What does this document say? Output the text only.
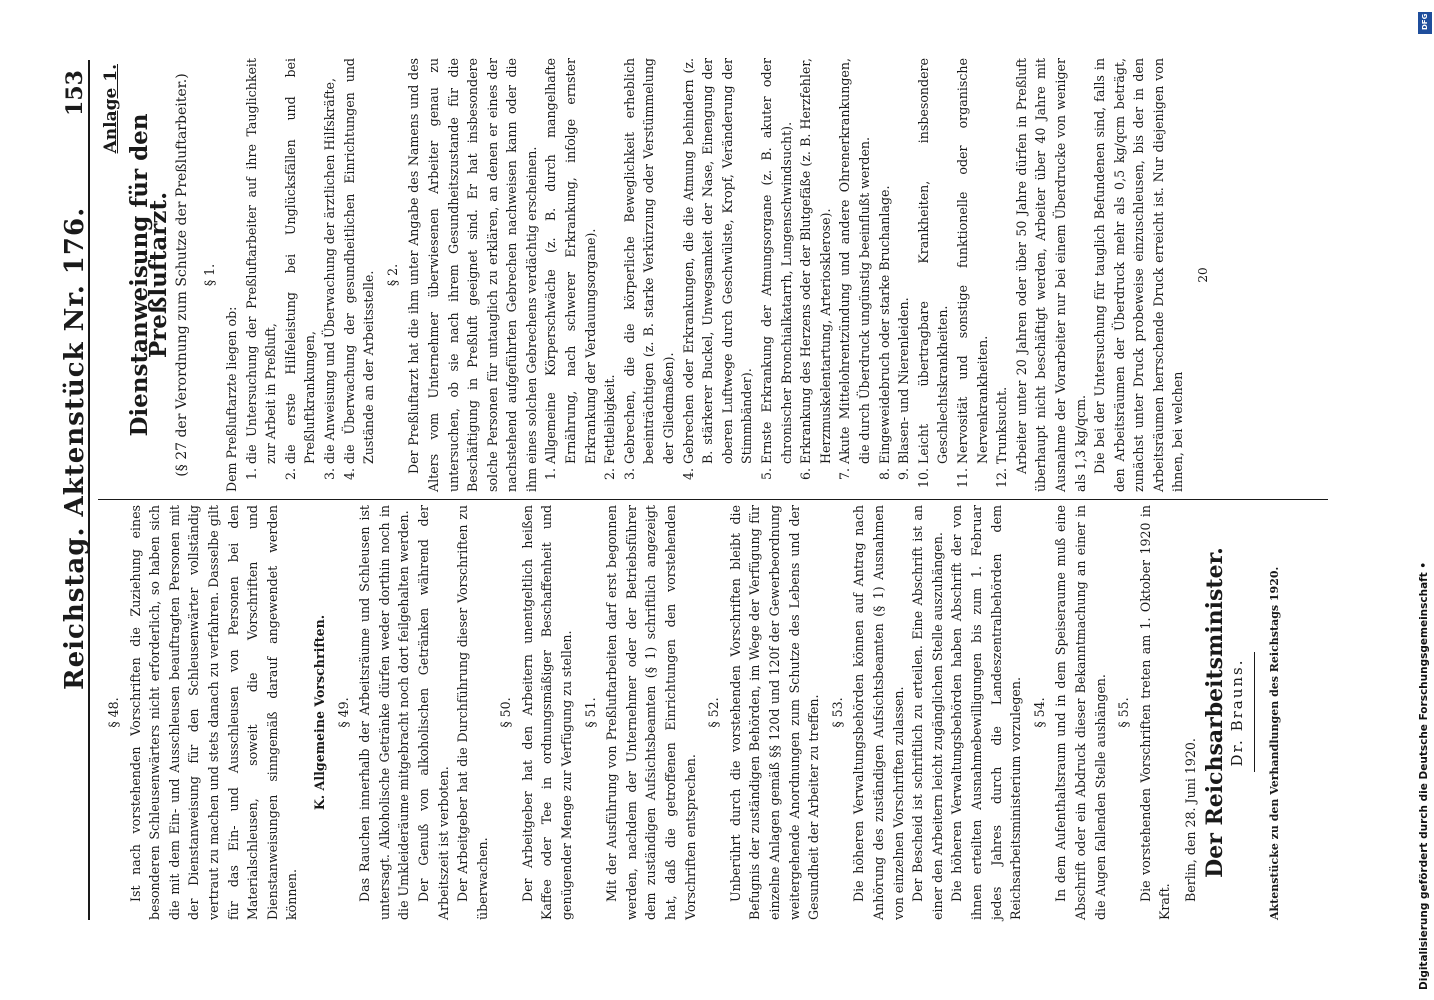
Reichstag. Aktenstück Nr. 176.
153
§ 48. Ist nach vorstehenden Vorschriften die Zuziehung eines besonderen Schleusenwärters nicht erforderlich, so haben sich die mit dem Ein- und Ausschleusen beauftragten Personen mit der Dienstanweisung für den Schleusenwärter vollständig vertraut zu machen und stets danach zu verfahren. Dasselbe gilt für das Ein- und Ausschleusen von Personen bei den Materialschleusen, soweit die Vorschriften und Dienstanweisungen sinngemäß darauf angewendet werden können.

K. Allgemeine Vorschriften. § 49. Das Rauchen innerhalb der Arbeitsräume und Schleusen ist untersagt. Alkoholische Getränke dürfen weder dorthin noch in die Umkleideräume mitgebracht noch dort feilgehalten werden. Der Genuß von alkoholischen Getränken während der Arbeitszeit ist verboten. Der Arbeitgeber hat die Durchführung dieser Vorschriften zu überwachen.

§ 50. Der Arbeitgeber hat den Arbeitern unentgeltlich heißen Kaffee oder Tee in ordnungsmäßiger Beschaffenheit und genügender Menge zur Verfügung zu stellen. § 51. Mit der Ausführung von Preßluftarbeiten darf erst begonnen werden, nachdem der Unternehmer oder der Betriebsführer dem zuständigen Aufsichtsbeamten (§ 1) schriftlich angezeigt hat, daß die getroffenen Einrichtungen den vorstehenden Vorschriften entsprechen.

§ 52. Unberührt durch die vorstehenden Vorschriften bleibt die Befugnis der zuständigen Behörden, im Wege der Verfügung für einzelne Anlagen gemäß §§ 120d und 120f der Gewerbeordnung weitergehende Anordnungen zum Schutze des Lebens und der Gesundheit der Arbeiter zu treffen. § 53. Die höheren Verwaltungsbehörden können auf Antrag nach Anhörung des zuständigen Aufsichtsbeamten (§ 1) Ausnahmen von einzelnen Vorschriften zulassen. Der Bescheid ist schriftlich zu erteilen. Eine Abschrift ist an einer den Arbeitern leicht zugänglichen Stelle auszuhängen. Die höheren Verwaltungsbehörden haben Abschrift der von ihnen erteilten Ausnahmebewilligungen bis zum 1. Februar jedes Jahres durch die Landeszentralbehörden dem Reichsarbeitsministerium vorzulegen. § 54. In dem Aufenthaltsraum und in dem Speiseraume muß eine Abschrift oder ein Abdruck dieser Bekanntmachung an einer in die Augen fallenden Stelle aushängen. § 55. Die vorstehenden Vorschriften treten am 1. Oktober 1920 in Kraft. Berlin, den 28. Juni 1920. Der Reichsarbeitsminister. Dr. Brauns. Aktenstücke zu den Verhandlungen des Reichstags 1920.
Anlage 1.
Dienstanweisung für den Preßluftarzt. (§ 27 der Verordnung zum Schutze der Preßluftarbeiter.) § 1.

Dem Preßluftarzte liegen ob: 1. die Untersuchung der Preßluftarbeiter auf ihre Tauglichkeit zur Arbeit in Preßluft, 2. die erste Hilfeleistung bei Unglücksfällen und bei Preßluftkrankungen, 3. die Anweisung und Überwachung der ärztlichen Hilfskräfte, 4. die Überwachung der gesundheitlichen Einrichtungen und Zustände an der Arbeitsstelle. § 2. Der Preßluftarzt hat die ihm unter Angabe des Namens und des Alters vom Unternehmer überwiesenen Arbeiter genau zu untersuchen, ob sie nach ihrem Gesundheitszustande für die Beschäftigung in Preßluft geeignet sind. Er hat insbesondere solche Personen für untauglich zu erklären, an denen er eines der nachstehend aufgeführten Gebrechen nachweisen kann oder die ihm eines solchen Gebrechens verdächtig erscheinen. 1. Allgemeine Körperschwäche (z. B. durch mangelhafte Ernährung, nach schwerer Erkrankung, infolge ernster Erkrankung der Verdauungsorgane). 2. Fettleibigkeit. 3. Gebrechen, die die körperliche Beweglichkeit erheblich beeinträchtigen (z. B. starke Verkürzung oder Verstümmelung der Gliedmaßen). 4. Gebrechen oder Erkrankungen, die die Atmung behindern (z. B. stärkerer Buckel, Unwegsamkeit der Nase, Einengung der oberen Luftwege durch Geschwülste, Kropf, Veränderung der Stimmbänder). 5. Ernste Erkrankung der Atmungsorgane (z. B. akuter oder chronischer Bronchialkatarrh, Lungenschwindsucht). 6. Erkrankung des Herzens oder der Blutgefäße (z. B. Herzfehler, Herzmuskelentartung, Arteriosklerose). 7. Akute Mittelohrentzündung und andere Ohrenerkrankungen, die durch Überdruck ungünstig beeinflußt werden. 8. Eingeweidebruch oder starke Bruchanlage. 9. Blasen- und Nierenleiden. 10. Leicht übertragbare Krankheiten, insbesondere Geschlechtskrankheiten. 11. Nervosität und sonstige funktionelle oder organische Nervenkrankheiten. 12. Trunksucht. Arbeiter unter 20 Jahren oder über 50 Jahre dürfen in Preßluft überhaupt nicht beschäftigt werden, Arbeiter über 40 Jahre mit Ausnahme der Vorarbeiter nur bei einem Überdrucke von weniger als 1,3 kg/qcm. Die bei der Untersuchung für tauglich Befundenen sind, falls in den Arbeitsräumen der Überdruck mehr als 0,5 kg/qcm beträgt, zunächst unter Druck probeweise einzuschleusen, bis der in den Arbeitsräumen herrschende Druck erreicht ist. Nur diejenigen von ihnen, bei welchen

20
DFG
Digitalisierung gefördert durch die Deutsche Forschungsgemeinschaft •
